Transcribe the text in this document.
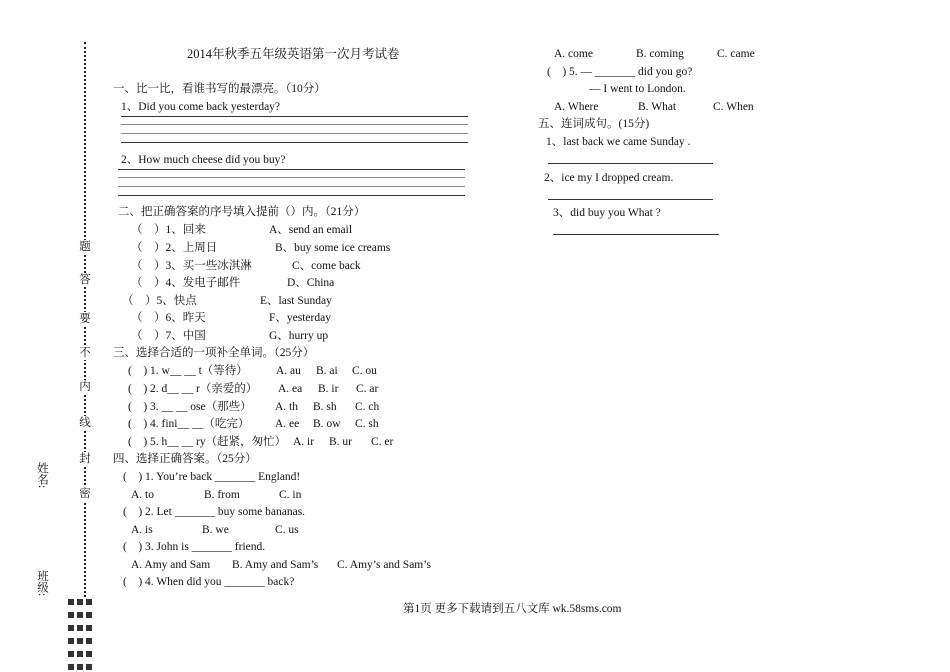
题
答
要
不
内
线
封
密
姓名:
班级:
2014年秋季五年级英语第一次月考试卷
一、比一比，看谁书写的最漂亮。（10分）
1、Did you come back yesterday?
2、How much cheese did you buy?
二、把正确答案的序号填入提前（）内。（21分）
（　）1、回来	A、send an email
（　）2、上周日	B、buy some ice creams
（　）3、买一些冰淇淋	C、come back
（　）4、发电子邮件	D、China
（　）5、快点	E、last Sunday
（　）6、昨天	F、yesterday
（　）7、中国	G、hurry up
三、选择合适的一项补全单词。（25分）
(　) 1. w__ __ t（等待） A. au B. ai C. ou
(　) 2. d__ __ r（亲爱的） A. ea B. ir C. ar
(　) 3. __ __ ose（那些） A. th B. sh C. ch
(　) 4. fini__ __（吃完） A. ee B. ow C. sh
(　) 5. h__ __ ry（赶紧，匆忙） A. ir B. ur C. er
四、选择正确答案。（25分）
(　) 1. You’re back _______ England!
A. to	B. from	C. in
(　) 2. Let _______ buy some bananas.
A. is	B. we	C. us
(　) 3. John is _______ friend.
A. Amy and Sam B. Amy and Sam’s C. Amy’s and Sam’s
(　) 4. When did you _______ back?
A. come	B. coming	C. came
(　) 5. — _______ did you go?
— I went to London.
A. Where	B. What	C. When
五、连词成句。(15分)
1、last back we came Sunday .
2、ice my I dropped cream.
3、did buy you What ?
第1页 更多下载请到五八文库 wk.58sms.com
